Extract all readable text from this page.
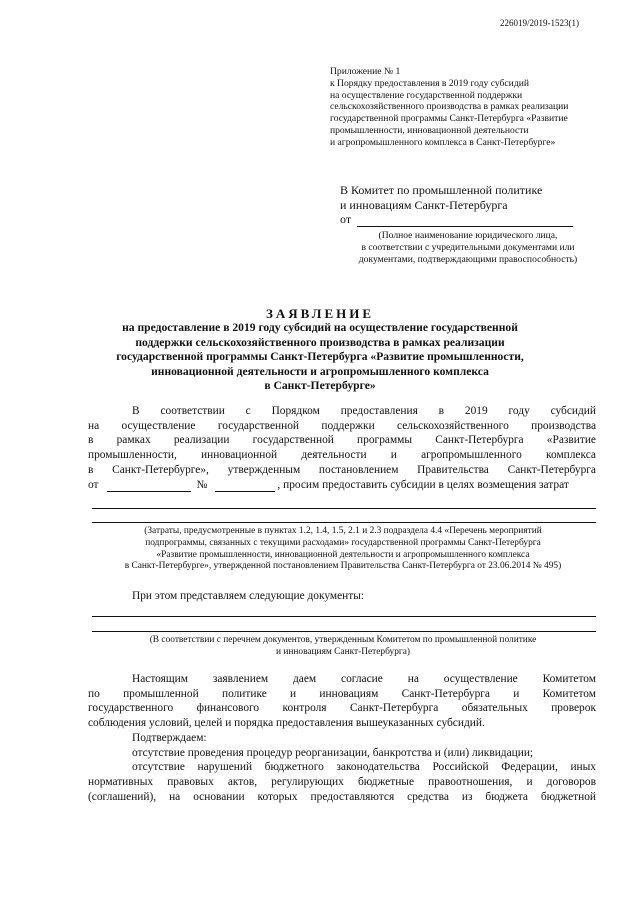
226019/2019-1523(1)
Приложение № 1
к Порядку предоставления в 2019 году субсидий
на осуществление государственной поддержки
сельскохозяйственного производства в рамках реализации
государственной программы Санкт-Петербурга «Развитие
промышленности, инновационной деятельности
и агропромышленного комплекса в Санкт-Петербурге»
В Комитет по промышленной политике
и инновациям Санкт-Петербурга
от
(Полное наименование юридического лица,
в соответствии с учредительными документами или
документами, подтверждающими правоспособность)
ЗАЯВЛЕНИЕ
на предоставление в 2019 году субсидий на осуществление государственной
поддержки сельскохозяйственного производства в рамках реализации
государственной программы Санкт-Петербурга «Развитие промышленности,
инновационной деятельности и агропромышленного комплекса
в Санкт-Петербурге»
В соответствии с Порядком предоставления в 2019 году субсидий
на осуществление государственной поддержки сельскохозяйственного производства
в рамках реализации государственной программы Санкт-Петербурга «Развитие
промышленности, инновационной деятельности и агропромышленного комплекса
в Санкт-Петербурге», утвержденным постановлением Правительства Санкт-Петербурга
от	№	, просим предоставить субсидии в целях возмещения затрат
(Затраты, предусмотренные в пунктах 1.2, 1.4, 1.5, 2.1 и 2.3 подраздела 4.4 «Перечень мероприятий
подпрограммы, связанных с текущими расходами» государственной программы Санкт-Петербурга
«Развитие промышленности, инновационной деятельности и агропромышленного комплекса
в Санкт-Петербурге», утвержденной постановлением Правительства Санкт-Петербурга от 23.06.2014 № 495)
При этом представляем следующие документы:
(В соответствии с перечнем документов, утвержденным Комитетом по промышленной политике
и инновациям Санкт-Петербурга)
Настоящим заявлением даем согласие на осуществление Комитетом
по промышленной политике и инновациям Санкт-Петербурга и Комитетом
государственного финансового контроля Санкт-Петербурга обязательных проверок
соблюдения условий, целей и порядка предоставления вышеуказанных субсидий.
Подтверждаем:
отсутствие проведения процедур реорганизации, банкротства и (или) ликвидации;
отсутствие нарушений бюджетного законодательства Российской Федерации, иных
нормативных правовых актов, регулирующих бюджетные правоотношения, и договоров
(соглашений), на основании которых предоставляются средства из бюджета бюджетной
